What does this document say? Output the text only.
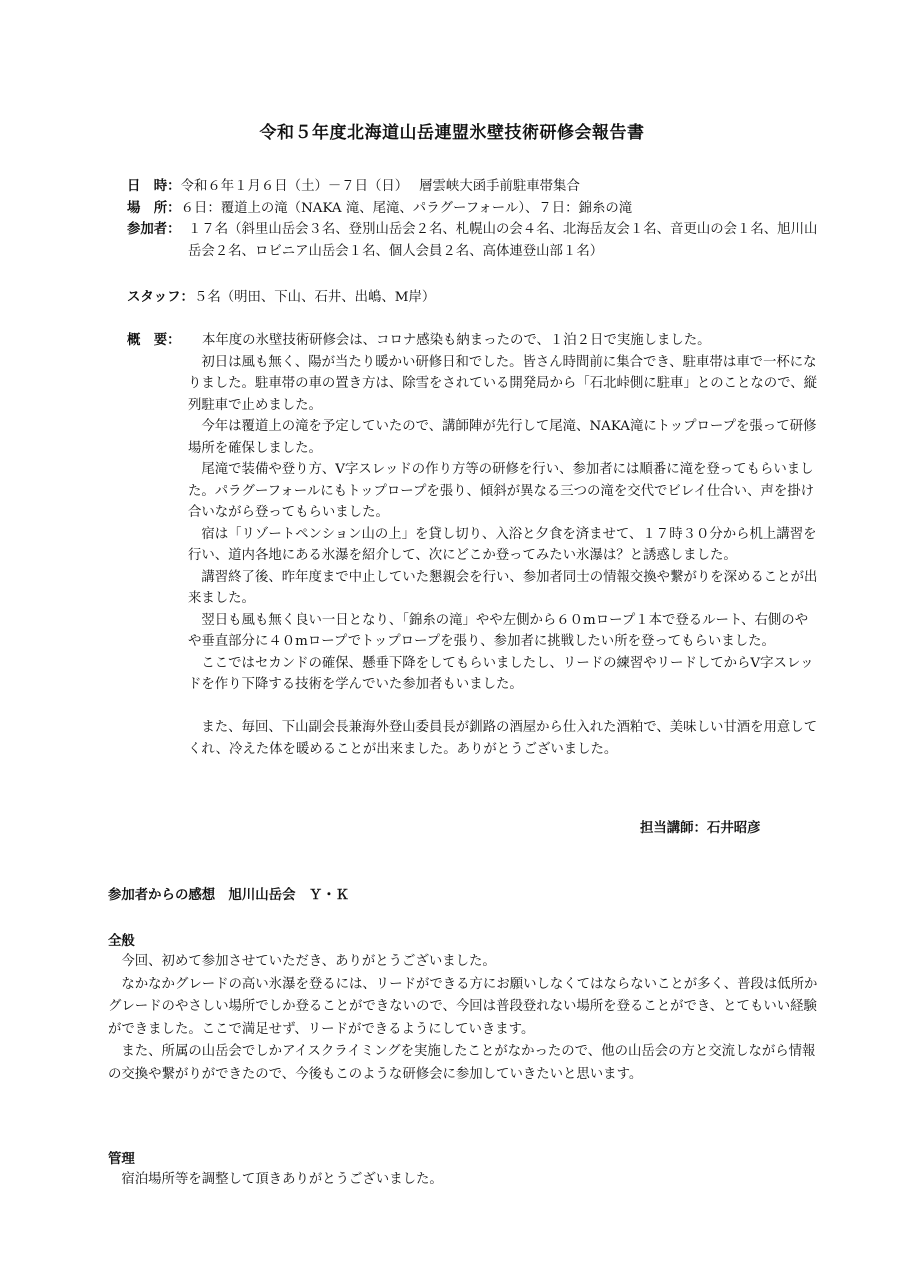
令和５年度北海道山岳連盟氷壁技術研修会報告書
日　時：令和６年１月６日（土）－７日（日）　 層雲峡大函手前駐車帯集合
場　所：６日：覆道上の滝（NAKA 滝、尾滝、パラグーフォール）、７日：錦糸の滝
参加者： １７名（斜里山岳会３名、登別山岳会２名、札幌山の会４名、北海岳友会１名、音更山の会１名、旭川山岳会２名、ロビニア山岳会１名、個人会員２名、高体連登山部１名）
スタッフ：５名（明田、下山、石井、出嶋、M岸）
概　要：	本年度の氷壁技術研修会は、コロナ感染も納まったので、１泊２日で実施しました。

初日は風も無く、陽が当たり暖かい研修日和でした。皆さん時間前に集合でき、駐車帯は車で一杯になりました。駐車帯の車の置き方は、除雪をされている開発局から「石北峠側に駐車」とのことなので、縦列駐車で止めました。

今年は覆道上の滝を予定していたので、講師陣が先行して尾滝、NAKA滝にトップロープを張って研修場所を確保しました。

尾滝で装備や登り方、V字スレッドの作り方等の研修を行い、参加者には順番に滝を登ってもらいました。パラグーフォールにもトップロープを張り、傾斜が異なる三つの滝を交代でビレイ仕合い、声を掛け合いながら登ってもらいました。

宿は「リゾートペンション山の上」を貸し切り、入浴と夕食を済ませて、１７時３０分から机上講習を行い、道内各地にある氷瀑を紹介して、次にどこか登ってみたい氷瀑は？と誘惑しました。

講習終了後、昨年度まで中止していた懇親会を行い、参加者同士の情報交換や繋がりを深めることが出来ました。

翌日も風も無く良い一日となり、「錦糸の滝」やや左側から６０mロープ１本で登るルート、右側のやや垂直部分に４０mロープでトップロープを張り、参加者に挑戦したい所を登ってもらいました。

ここではセカンドの確保、懸垂下降をしてもらいましたし、リードの練習やリードしてからV字スレッドを作り下降する技術を学んでいた参加者もいました。

また、毎回、下山副会長兼海外登山委員長が釧路の酒屋から仕入れた酒粕で、美味しい甘酒を用意してくれ、冷えた体を暖めることが出来ました。ありがとうございました。

担当講師：石井昭彦
参加者からの感想　旭川山岳会　Ｙ・Ｋ
全般

今回、初めて参加させていただき、ありがとうございました。

なかなかグレードの高い氷瀑を登るには、リードができる方にお願いしなくてはならないことが多く、普段は低所かグレードのやさしい場所でしか登ることができないので、今回は普段登れない場所を登ることができ、とてもいい経験ができました。ここで満足せず、リードができるようにしていきます。

また、所属の山岳会でしかアイスクライミングを実施したことがなかったので、他の山岳会の方と交流しながら情報の交換や繋がりができたので、今後もこのような研修会に参加していきたいと思います。

管理

宿泊場所等を調整して頂きありがとうございました。
